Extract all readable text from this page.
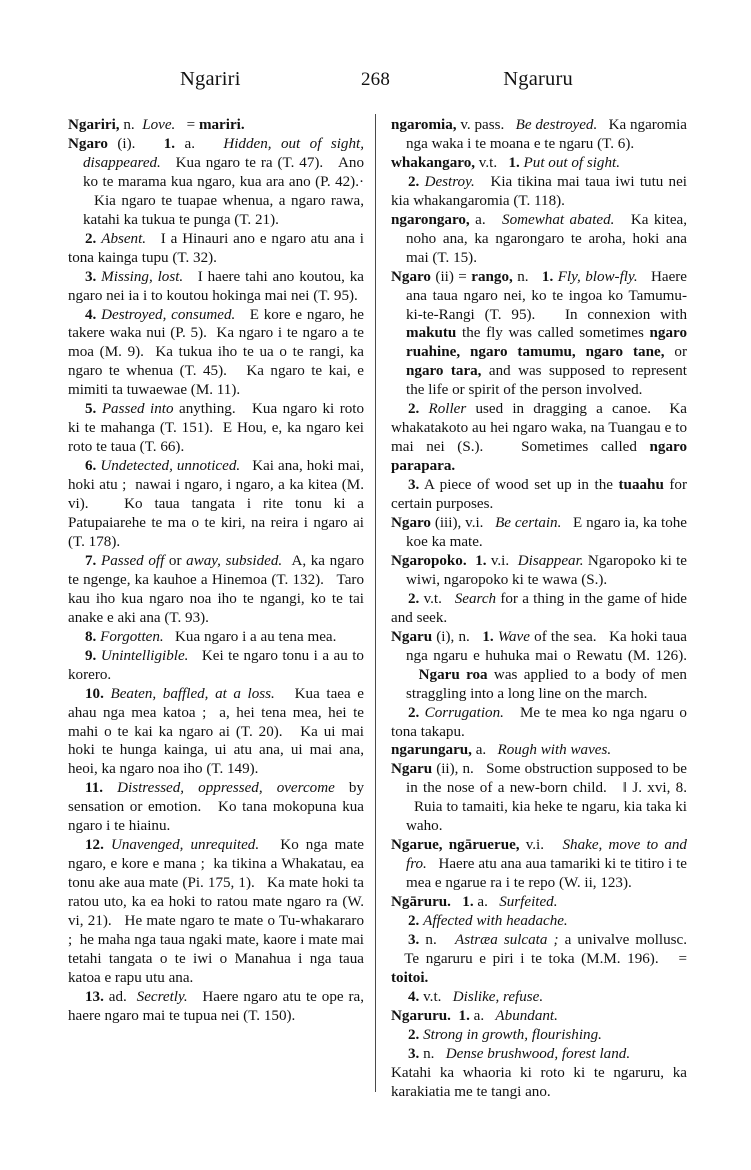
Ngariri	268	Ngaruru

Ngariri, n.  Love.   = mariri.

Ngaro (i).   1. a.   Hidden, out of sight, disappeared.   Kua ngaro te ra (T. 47).   Ano ko te marama kua ngaro, kua ara ano (P. 42).·   Kia ngaro te tuapae whenua, a ngaro rawa, katahi ka tukua te punga (T. 21).

2. Absent.   I a Hinauri ano e ngaro atu ana i tona kainga tupu (T. 32).

3. Missing, lost.   I haere tahi ano koutou, ka ngaro nei ia i to koutou hokinga mai nei (T. 95).

4. Destroyed, consumed.   E kore e ngaro, he takere waka nui (P. 5).  Ka ngaro i te ngaro a te moa (M. 9).  Ka tukua iho te ua o te rangi, ka ngaro te whenua (T. 45).   Ka ngaro te kai, e mimiti ta tuwaewae (M. 11).

5. Passed into anything.   Kua ngaro ki roto ki te mahanga (T. 151).  E Hou, e, ka ngaro kei roto te taua (T. 66).

6. Undetected, unnoticed.   Kai ana, hoki mai, hoki atu ;  nawai i ngaro, i ngaro, a ka kitea (M. vi).   Ko taua tangata i rite tonu ki a Patupaiarehe te ma o te kiri, na reira i ngaro ai (T. 178).

7. Passed off or away, subsided.  A, ka ngaro te ngenge, ka kauhoe a Hinemoa (T. 132).   Taro kau iho kua ngaro noa iho te ngangi, ko te tai anake e aki ana (T. 93).

8. Forgotten.   Kua ngaro i a au tena mea.

9. Unintelligible.   Kei te ngaro tonu i a au to korero.

10. Beaten, baffled, at a loss.   Kua taea e ahau nga mea katoa ;  a, hei tena mea, hei te mahi o te kai ka ngaro ai (T. 20).   Ka ui mai hoki te hunga kainga, ui atu ana, ui mai ana, heoi, ka ngaro noa iho (T. 149).

11. Distressed, oppressed, overcome by sensation or emotion.   Ko tana mokopuna kua ngaro i te hiainu.

12. Unavenged, unrequited.   Ko nga mate ngaro, e kore e mana ;  ka tikina a Whakatau, ea tonu ake aua mate (Pi. 175, 1).   Ka mate hoki ta ratou uto, ka ea hoki to ratou mate ngaro ra (W. vi, 21).   He mate ngaro te mate o Tu-whakararo ;  he maha nga taua ngaki mate, kaore i mate mai tetahi tangata o te iwi o Manahua i nga taua katoa e rapu utu ana.

13. ad.  Secretly.   Haere ngaro atu te ope ra, haere ngaro mai te tupua nei (T. 150).

ngaromia, v. pass.   Be destroyed.   Ka ngaromia nga waka i te moana e te ngaru (T. 6).

whakangaro, v.t.   1. Put out of sight.

2. Destroy.   Kia tikina mai taua iwi tutu nei kia whakangaromia (T. 118).

ngarongaro, a.   Somewhat abated.   Ka kitea, noho ana, ka ngarongaro te aroha, hoki ana mai (T. 15).

Ngaro (ii) = rango, n.   1. Fly, blow-fly.   Haere ana taua ngaro nei, ko te ingoa ko Tamumu-ki-te-Rangi (T. 95).   In connexion with makutu the fly was called sometimes ngaro ruahine, ngaro tamumu, ngaro tane, or ngaro tara, and was supposed to represent the life or spirit of the person involved.

2. Roller used in dragging a canoe.  Ka whakatakoto au hei ngaro waka, na Tuangau e to mai nei (S.).   Sometimes called ngaro parapara.

3. A piece of wood set up in the tuaahu for certain purposes.

Ngaro (iii), v.i.   Be certain.   E ngaro ia, ka tohe koe ka mate.

Ngaropoko. 1. v.i.  Disappear. Ngaropoko ki te wiwi, ngaropoko ki te wawa (S.).

2. v.t.   Search for a thing in the game of hide and seek.

Ngaru (i), n.   1. Wave of the sea.   Ka hoki taua nga ngaru e huhuka mai o Rewatu (M. 126).   Ngaru roa was applied to a body of men straggling into a long line on the march.

2. Corrugation.   Me te mea ko nga ngaru o tona takapu.

ngarungaru, a.   Rough with waves.

Ngaru (ii), n.   Some obstruction supposed to be in the nose of a new-born child.   ‖ J. xvi, 8.   Ruia to tamaiti, kia heke te ngaru, kia taka ki waho.

Ngarue, ngāruerue, v.i.   Shake, move to and fro.   Haere atu ana aua tamariki ki te titiro i te mea e ngarue ra i te repo (W. ii, 123).

Ngāruru. 1. a.   Surfeited.

2. Affected with headache.

3. n.   Astræa sulcata ; a univalve mollusc.   Te ngaruru e piri i te toka (M.M. 196).   = toitoi.

4. v.t.   Dislike, refuse.

Ngaruru. 1. a.   Abundant.

2. Strong in growth, flourishing.

3. n.   Dense brushwood, forest land.

Katahi ka whaoria ki roto ki te ngaruru, ka karakiatia me te tangi ano.
